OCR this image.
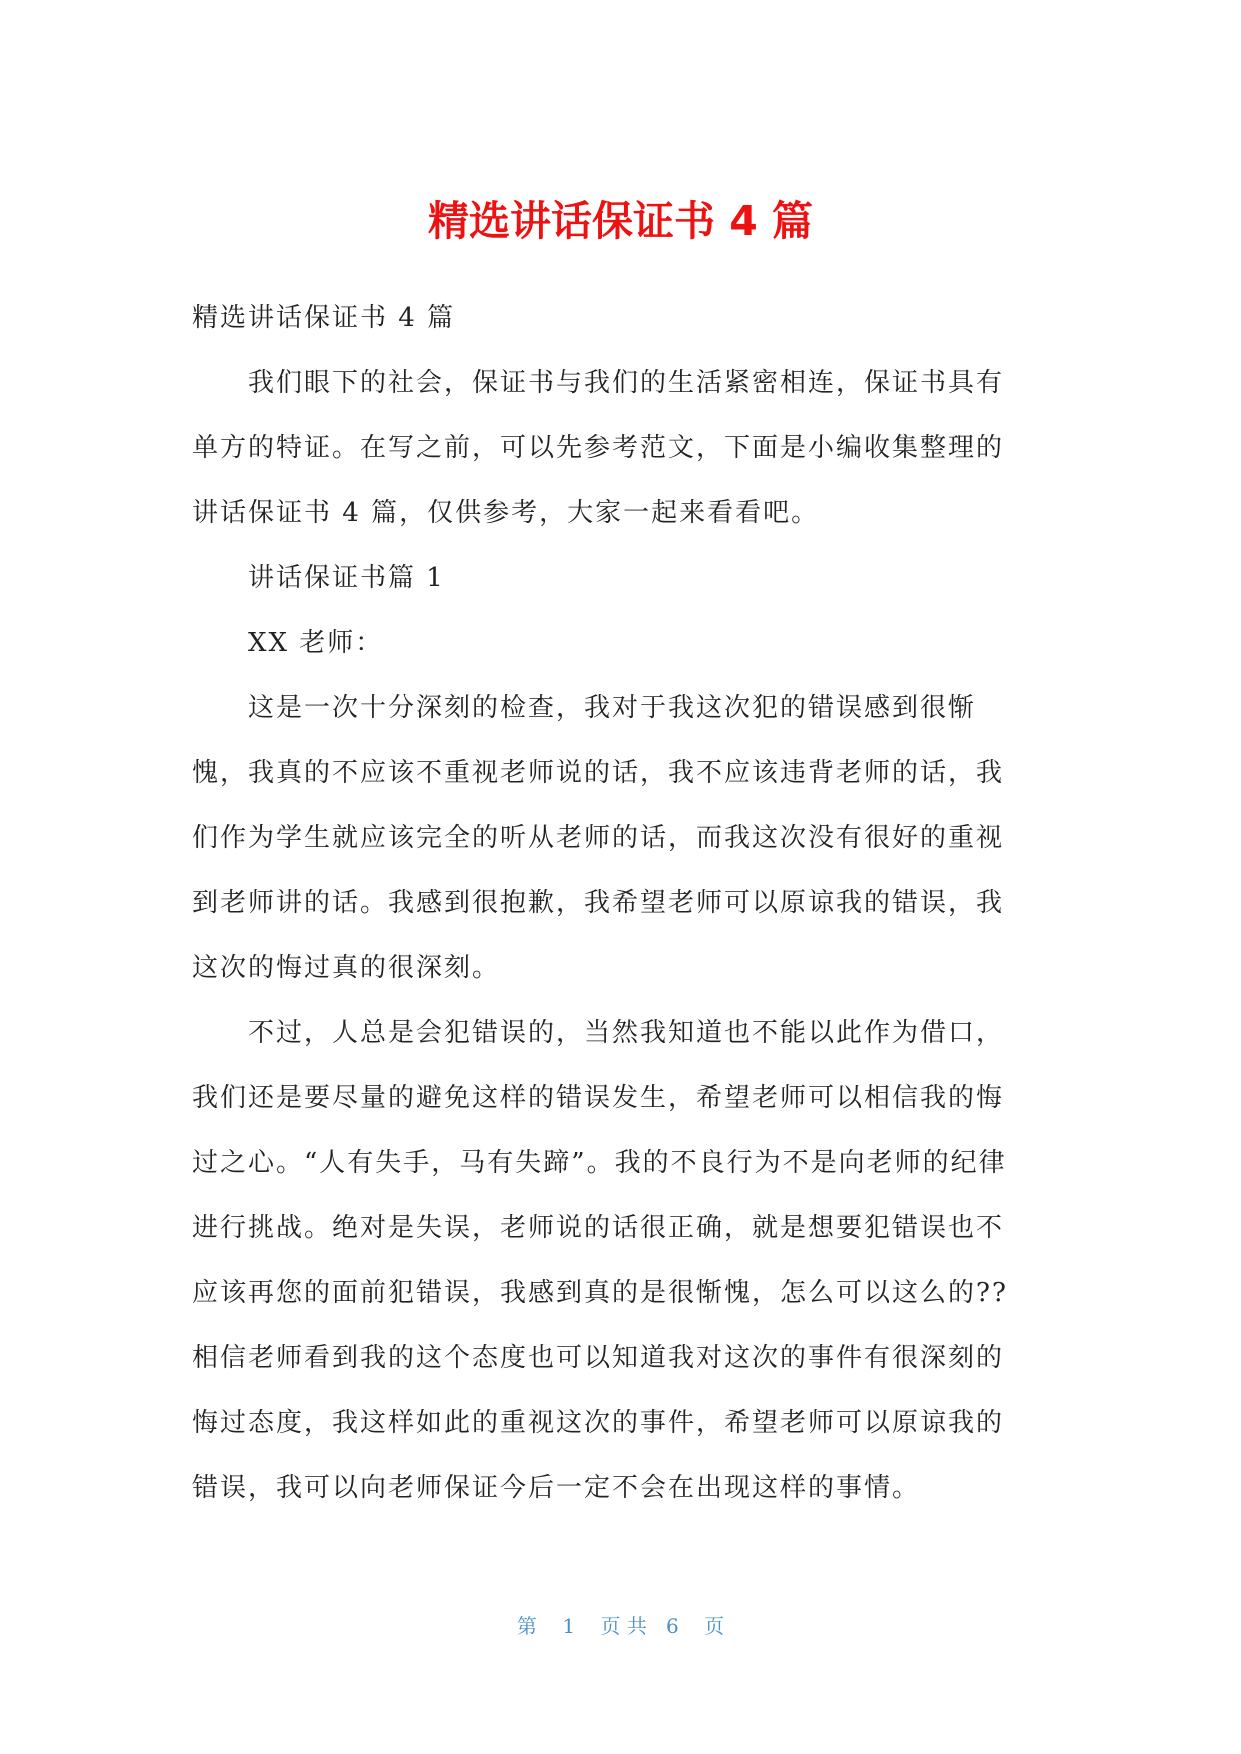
精选讲话保证书 4 篇

精选讲话保证书 4 篇

我们眼下的社会，保证书与我们的生活紧密相连，保证书具有

单方的特证。在写之前，可以先参考范文，下面是小编收集整理的

讲话保证书 4 篇，仅供参考，大家一起来看看吧。

讲话保证书篇 1

XX 老师：

这是一次十分深刻的检查，我对于我这次犯的错误感到很惭

愧，我真的不应该不重视老师说的话，我不应该违背老师的话，我

们作为学生就应该完全的听从老师的话，而我这次没有很好的重视

到老师讲的话。我感到很抱歉，我希望老师可以原谅我的错误，我

这次的悔过真的很深刻。

不过，人总是会犯错误的，当然我知道也不能以此作为借口，

我们还是要尽量的避免这样的错误发生，希望老师可以相信我的悔

过之心。“人有失手，马有失蹄”。我的不良行为不是向老师的纪律

进行挑战。绝对是失误，老师说的话很正确，就是想要犯错误也不

应该再您的面前犯错误，我感到真的是很惭愧，怎么可以这么的??

相信老师看到我的这个态度也可以知道我对这次的事件有很深刻的

悔过态度，我这样如此的重视这次的事件，希望老师可以原谅我的

错误，我可以向老师保证今后一定不会在出现这样的事情。

第 1 页 共 6 页
